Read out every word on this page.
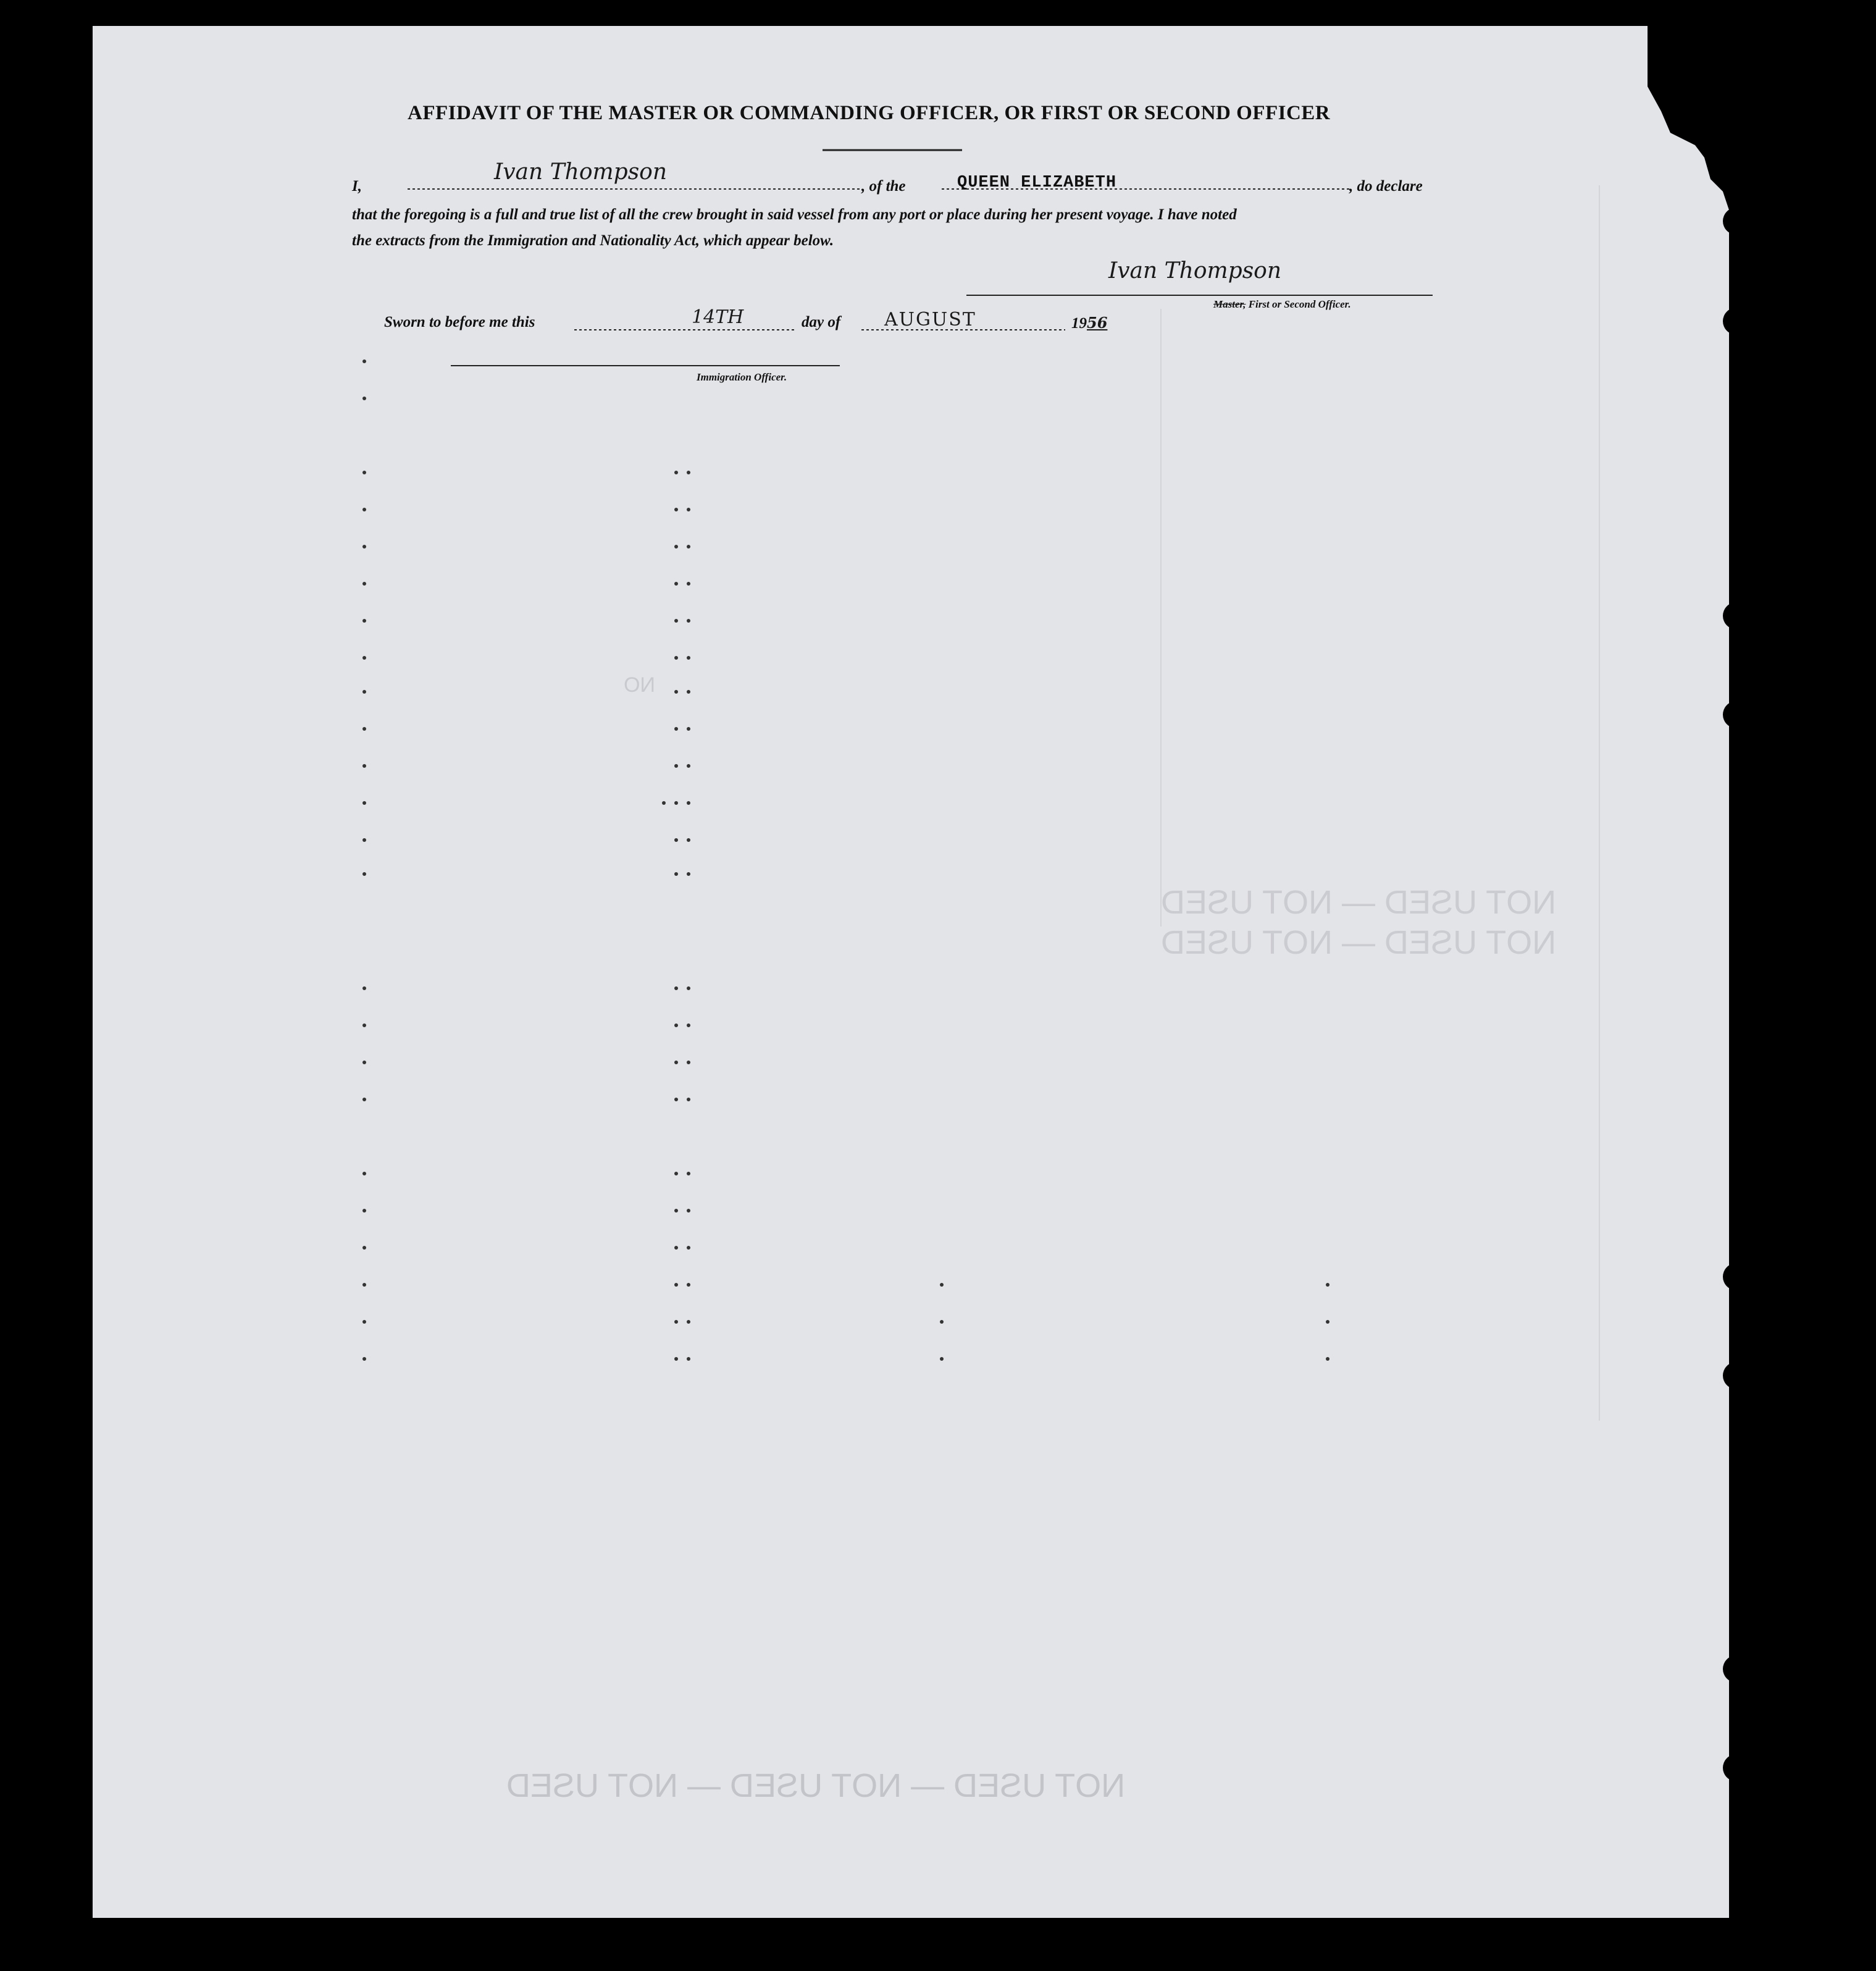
NOT USED — NOT USED
NOT USED — NOT USED
NOT USED — NOT USED — NOT USED
NO
AFFIDAVIT OF THE MASTER OR COMMANDING OFFICER, OR FIRST OR SECOND OFFICER
I,
Ivan Thompson
, of the	QUEEN ELIZABETH	, do declare
that the foregoing is a full and true list of all the crew brought in said vessel from any port or place during her present voyage. I have noted
the extracts from the Immigration and Nationality Act, which appear below.
Ivan Thompson
Master, First or Second Officer.
Sworn to before me this	14TH	day of AUGUST	1956
Immigration Officer.
